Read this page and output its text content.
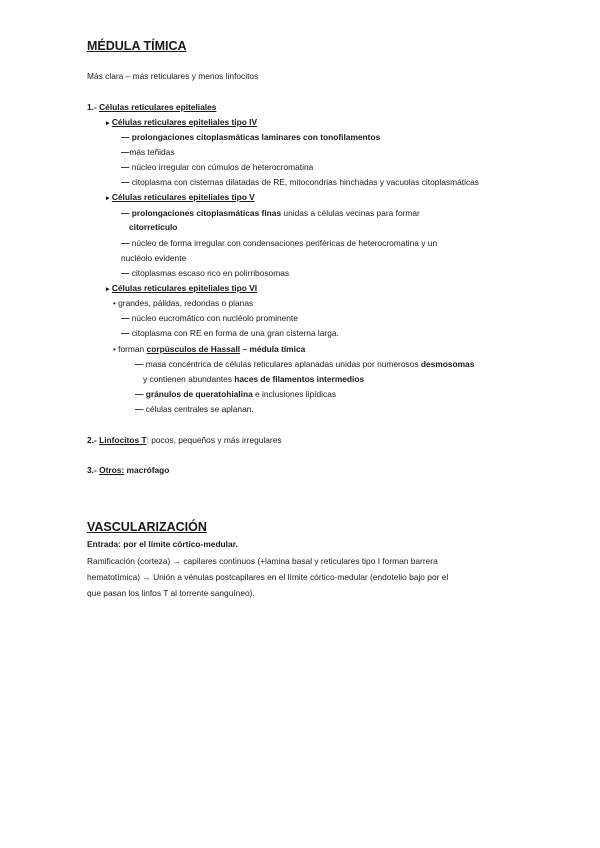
MÉDULA TÍMICA
Más clara – más reticulares y menos linfocitos
1.- Células reticulares epiteliales
▸ Células reticulares epiteliales tipo IV
— prolongaciones citoplasmáticas laminares con tonofilamentos
—más teñidas
— núcleo irregular con cúmulos de heterocromatina
— citoplasma con cisternas dilatadas de RE, mitocondrias hinchadas y vacuolas citoplasmáticas
▸ Células reticulares epiteliales tipo V
— prolongaciones citoplasmáticas finas unidas a células vecinas para formar
citorretículo
— núcleo de forma irregular con condensaciones periféricas de heterocromatina y un
nucléolo evidente
— citoplasmas escaso rico en polirribosomas
▸ Células reticulares epiteliales tipo VI
• grandes, pálidas, redondas o planas
— núcleo eucromático con nucléolo prominente
— citoplasma con RE en forma de una gran cisterna larga.
• forman corpúsculos de Hassall – médula tímica
— masa concéntrica de células reticulares aplanadas unidas por numerosos desmosomas
y contienen abundantes haces de filamentos intermedios
— gránulos de queratohialina e inclusiones lipídicas
— células centrales se aplanan.
2.- Linfocitos T: pocos, pequeños y más irregulares
3.- Otros: macrófago
VASCULARIZACIÓN
Entrada: por el límite córtico-medular.
Ramificación (corteza) → capilares continuos (+lamina basal y reticulares tipo I forman barrera
hematotímica) → Unión a vénulas postcapilares en el límite córtico-medular (endotelio bajo por el
que pasan los linfos T al torrente sanguíneo).
